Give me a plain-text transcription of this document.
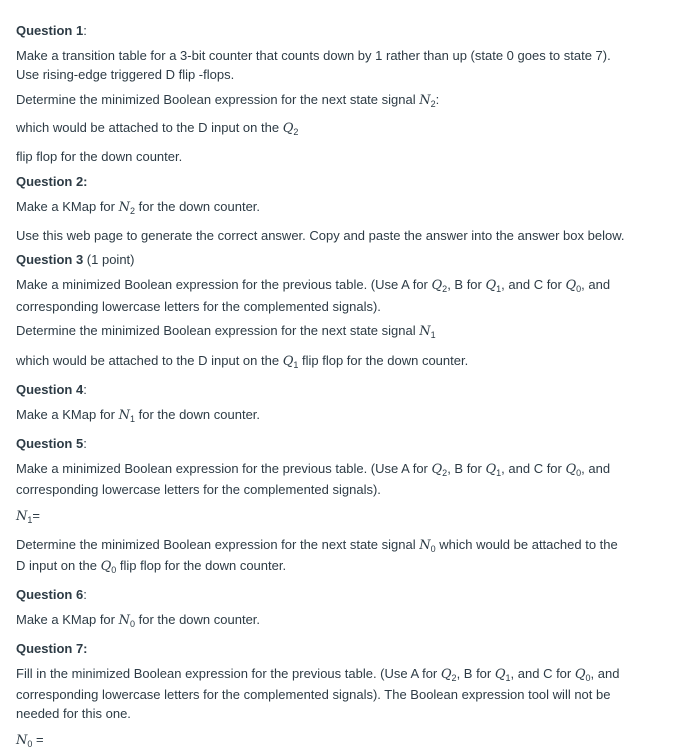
Question 1:
Make a transition table for a 3-bit counter that counts down by 1 rather than up (state 0 goes to state 7).
Use rising-edge triggered D flip -flops.
Determine the minimized Boolean expression for the next state signal $N_2$:
which would be attached to the D input on the $Q_2$
flip flop for the down counter.
Question 2:
Make a KMap for $N_2$ for the down counter.
Use this web page to generate the correct answer. Copy and paste the answer into the answer box below.
Question 3 (1 point)
Make a minimized Boolean expression for the previous table. (Use A for $Q_2$, B for $Q_1$, and C for $Q_0$, and
corresponding lowercase letters for the complemented signals).
Determine the minimized Boolean expression for the next state signal $N_1$
which would be attached to the D input on the $Q_1$ flip flop for the down counter.
Question 4:
Make a KMap for $N_1$ for the down counter.
Question 5:
Make a minimized Boolean expression for the previous table. (Use A for $Q_2$, B for $Q_1$, and C for $Q_0$, and
corresponding lowercase letters for the complemented signals).
$N_1=$
Determine the minimized Boolean expression for the next state signal $N_0$ which would be attached to the
D input on the $Q_0$ flip flop for the down counter.
Question 6:
Make a KMap for $N_0$ for the down counter.
Question 7:
Fill in the minimized Boolean expression for the previous table. (Use A for $Q_2$, B for $Q_1$, and C for $Q_0$, and
corresponding lowercase letters for the complemented signals). The Boolean expression tool will not be
needed for this one.
$N_0$ =
